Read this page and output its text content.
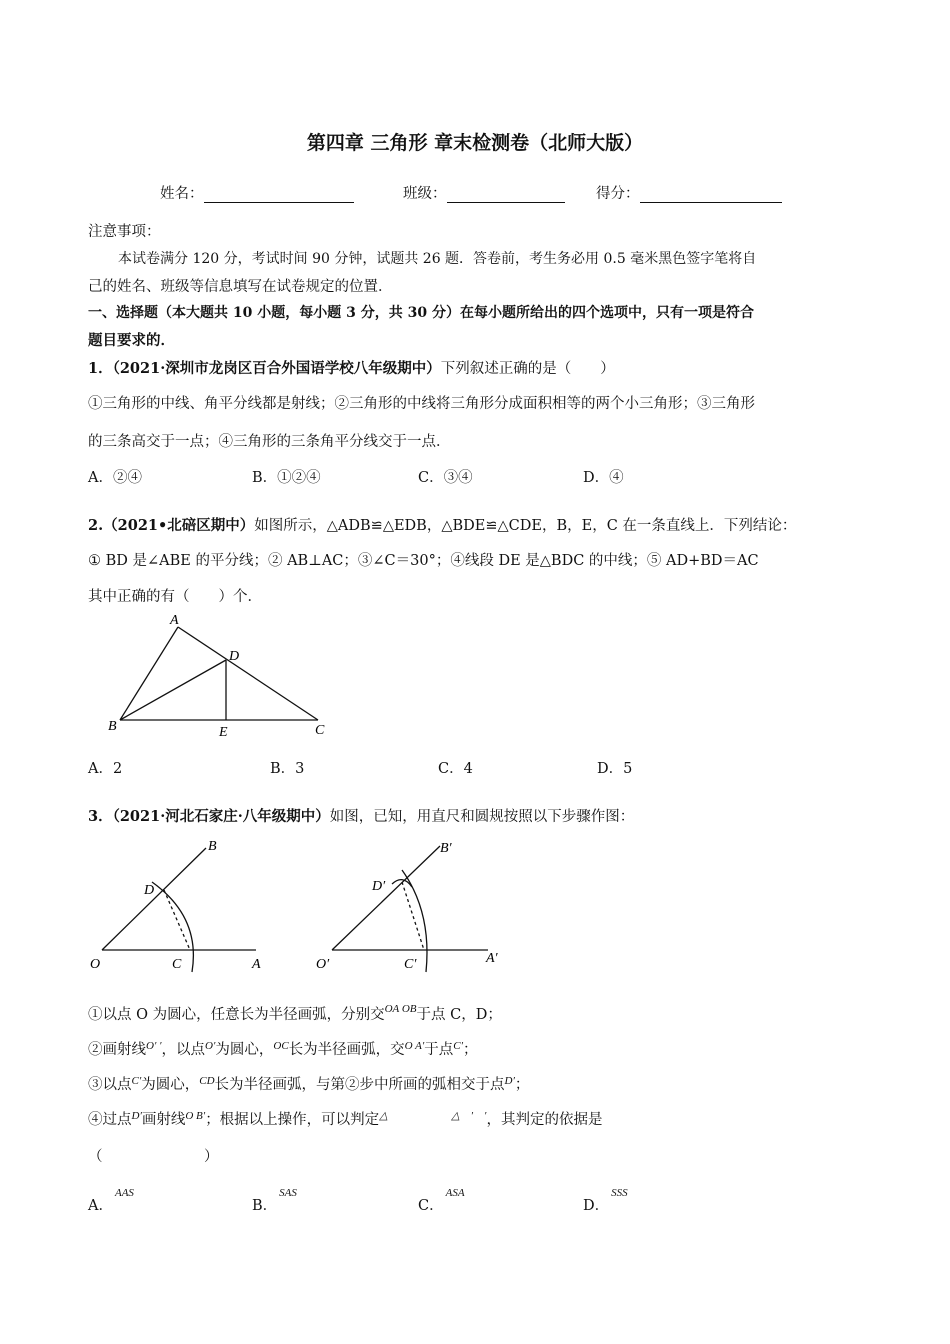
第四章 三角形 章末检测卷（北师大版）
姓名：	班级：	得分：
注意事项：
本试卷满分 120 分，考试时间 90 分钟，试题共 26 题．答卷前，考生务必用 0.5 毫米黑色签字笔将自
己的姓名、班级等信息填写在试卷规定的位置．
一、选择题（本大题共 10 小题，每小题 3 分，共 30 分）在每小题所给出的四个选项中，只有一项是符合
题目要求的．
1．（2021·深圳市龙岗区百合外国语学校八年级期中）下列叙述正确的是（　　）
①三角形的中线、角平分线都是射线；②三角形的中线将三角形分成面积相等的两个小三角形；③三角形
的三条高交于一点；④三角形的三条角平分线交于一点．
A．②④	B．①②④	C．③④	D．④
2.（2021•北碚区期中）如图所示，△ADB≌△EDB，△BDE≌△CDE，B，E，C 在一条直线上．下列结论：
① BD 是∠ABE 的平分线；② AB⊥AC；③∠C＝30°；④线段 DE 是△BDC 的中线；⑤ AD+BD＝AC
其中正确的有（　　）个．
A
B	C
D
E
A．2	B．3	C．4	D．5
3．（2021·河北石家庄·八年级期中）如图，已知，用直尺和圆规按照以下步骤作图：
B
D
O	C	A
B′
D′
O′	C′	A′
①以点 O 为圆心，任意长为半径画弧，分别交$^{OA OB}$于点 C，D；
②画射线$^{O' '}$，以点$^{O'}$为圆心，$^{OC}$长为半径画弧，交$^{O A'}$于点$^{C'}$；
③以点$^{C'}$为圆心，$^{CD}$长为半径画弧，与第②步中所画的弧相交于点$^{D'}$；
④过点$^{D'}$画射线$^{O B'}$；根据以上操作，可以判定△	△　′　′，其判定的依据是
（　　　　　　　）
A．$^{AAS}$
B．$^{SAS}$
C．$^{ASA}$
D．$^{SSS}$
